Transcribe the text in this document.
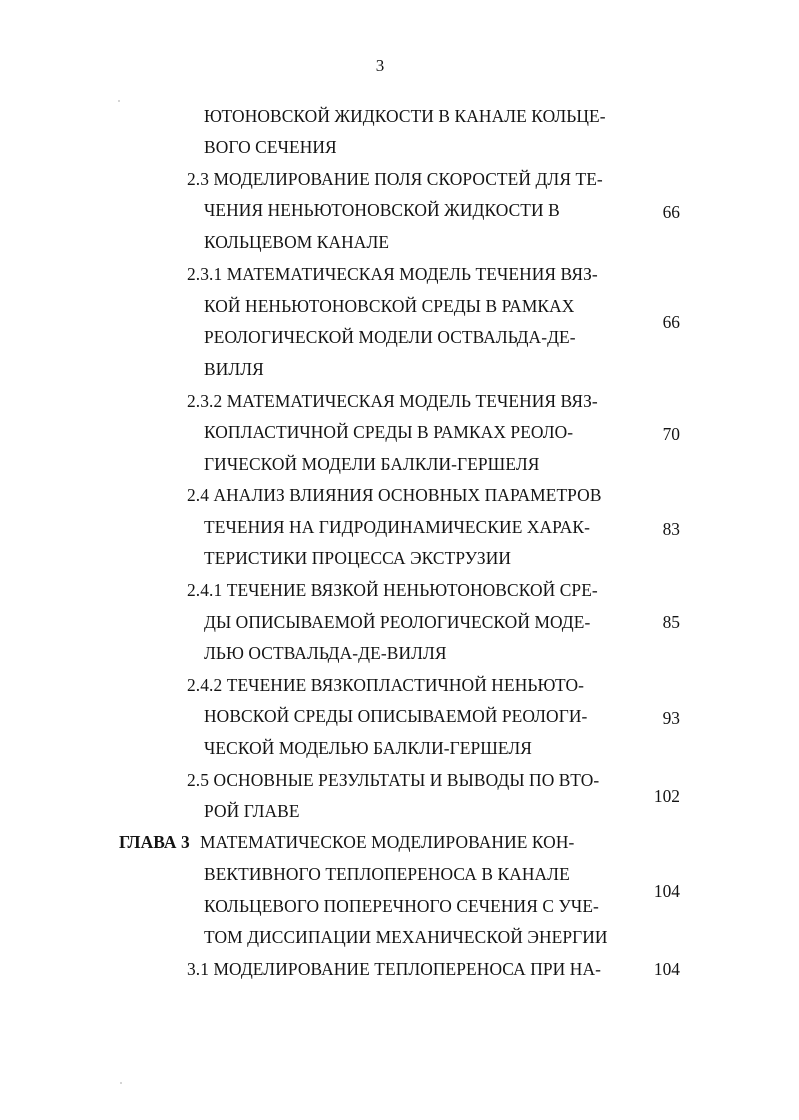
3
ЮТОНОВСКОЙ ЖИДКОСТИ В КАНАЛЕ КОЛЬЦЕ-
ВОГО СЕЧЕНИЯ
2.3 МОДЕЛИРОВАНИЕ ПОЛЯ СКОРОСТЕЙ ДЛЯ ТЕ-
ЧЕНИЯ НЕНЬЮТОНОВСКОЙ ЖИДКОСТИ В
КОЛЬЦЕВОМ КАНАЛЕ
66
2.3.1 МАТЕМАТИЧЕСКАЯ МОДЕЛЬ ТЕЧЕНИЯ ВЯЗ-
КОЙ НЕНЬЮТОНОВСКОЙ СРЕДЫ В РАМКАХ
РЕОЛОГИЧЕСКОЙ МОДЕЛИ ОСТВАЛЬДА-ДЕ-
ВИЛЛЯ
66
2.3.2 МАТЕМАТИЧЕСКАЯ МОДЕЛЬ ТЕЧЕНИЯ ВЯЗ-
КОПЛАСТИЧНОЙ СРЕДЫ В РАМКАХ РЕОЛО-
ГИЧЕСКОЙ МОДЕЛИ БАЛКЛИ-ГЕРШЕЛЯ
70
2.4 АНАЛИЗ ВЛИЯНИЯ ОСНОВНЫХ ПАРАМЕТРОВ
ТЕЧЕНИЯ НА ГИДРОДИНАМИЧЕСКИЕ ХАРАК-
ТЕРИСТИКИ ПРОЦЕССА ЭКСТРУЗИИ
83
2.4.1 ТЕЧЕНИЕ ВЯЗКОЙ НЕНЬЮТОНОВСКОЙ СРЕ-
ДЫ ОПИСЫВАЕМОЙ РЕОЛОГИЧЕСКОЙ МОДЕ-
ЛЬЮ ОСТВАЛЬДА-ДЕ-ВИЛЛЯ
85
2.4.2 ТЕЧЕНИЕ ВЯЗКОПЛАСТИЧНОЙ НЕНЬЮТО-
НОВСКОЙ СРЕДЫ ОПИСЫВАЕМОЙ РЕОЛОГИ-
ЧЕСКОЙ МОДЕЛЬЮ БАЛКЛИ-ГЕРШЕЛЯ
93
2.5 ОСНОВНЫЕ РЕЗУЛЬТАТЫ И ВЫВОДЫ ПО ВТО-
РОЙ ГЛАВЕ
102
ГЛАВА 3 МАТЕМАТИЧЕСКОЕ МОДЕЛИРОВАНИЕ КОН-
ВЕКТИВНОГО ТЕПЛОПЕРЕНОСА В КАНАЛЕ
КОЛЬЦЕВОГО ПОПЕРЕЧНОГО СЕЧЕНИЯ С УЧЕ-
ТОМ ДИССИПАЦИИ МЕХАНИЧЕСКОЙ ЭНЕРГИИ
104
3.1 МОДЕЛИРОВАНИЕ ТЕПЛОПЕРЕНОСА ПРИ НА-	104
